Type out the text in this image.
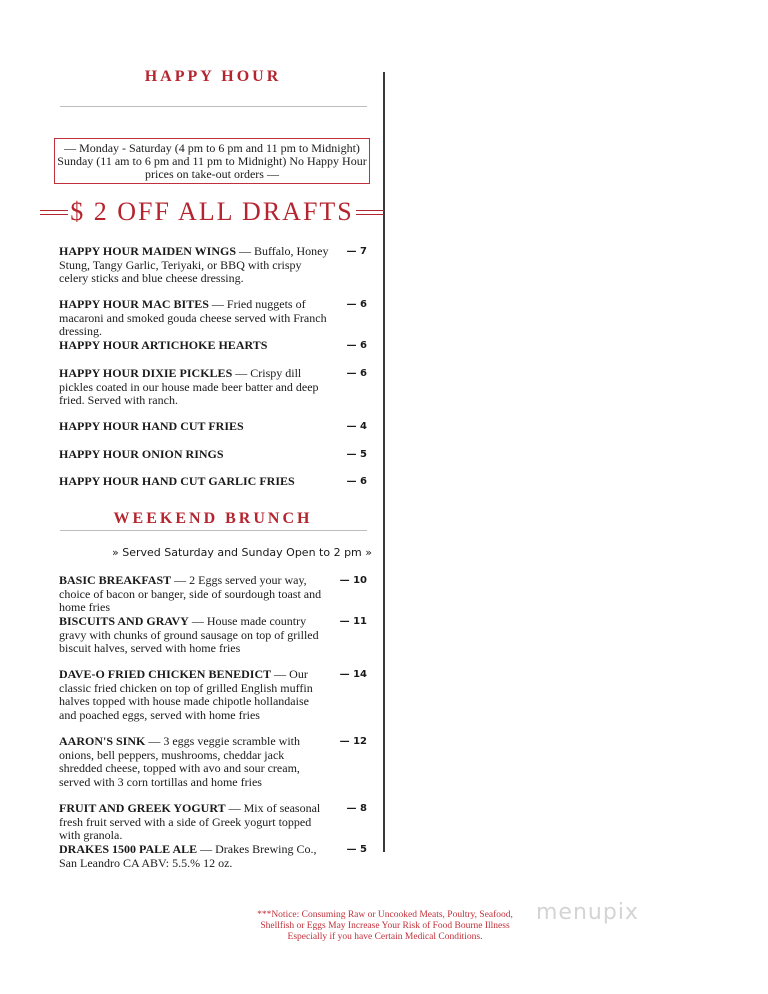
HAPPY HOUR
— Monday - Saturday (4 pm to 6 pm and 11 pm to Midnight)
Sunday (11 am to 6 pm and 11 pm to Midnight) No Happy Hour
prices on take-out orders —
$ 2 OFF ALL DRAFTS
HAPPY HOUR MAIDEN WINGS — Buffalo, Honey Stung, Tangy Garlic, Teriyaki, or BBQ with crispy celery sticks and blue cheese dressing.
— 7
HAPPY HOUR MAC BITES — Fried nuggets of macaroni and smoked gouda cheese served with Franch dressing.
— 6
HAPPY HOUR ARTICHOKE HEARTS	— 6
HAPPY HOUR DIXIE PICKLES — Crispy dill pickles coated in our house made beer batter and deep fried. Served with ranch.
— 6
HAPPY HOUR HAND CUT FRIES	— 4
HAPPY HOUR ONION RINGS	— 5
HAPPY HOUR HAND CUT GARLIC FRIES	— 6
WEEKEND BRUNCH
» Served Saturday and Sunday Open to 2 pm »
BASIC BREAKFAST — 2 Eggs served your way, choice of bacon or banger, side of sourdough toast and home fries
— 10
BISCUITS AND GRAVY — House made country gravy with chunks of ground sausage on top of grilled biscuit halves, served with home fries
— 11
DAVE-O FRIED CHICKEN BENEDICT — Our classic fried chicken on top of grilled English muffin halves topped with house made chipotle hollandaise and poached eggs, served with home fries
— 14
AARON'S SINK — 3 eggs veggie scramble with onions, bell peppers, mushrooms, cheddar jack shredded cheese, topped with avo and sour cream, served with 3 corn tortillas and home fries
— 12
FRUIT AND GREEK YOGURT — Mix of seasonal fresh fruit served with a side of Greek yogurt topped with granola.
— 8
DRAKES 1500 PALE ALE — Drakes Brewing Co., San Leandro CA ABV: 5.5.% 12 oz.
— 5
***Notice: Consuming Raw or Uncooked Meats, Poultry, Seafood,
Shellfish or Eggs May Increase Your Risk of Food Bourne Illness
Especially if you have Certain Medical Conditions.
menupix
